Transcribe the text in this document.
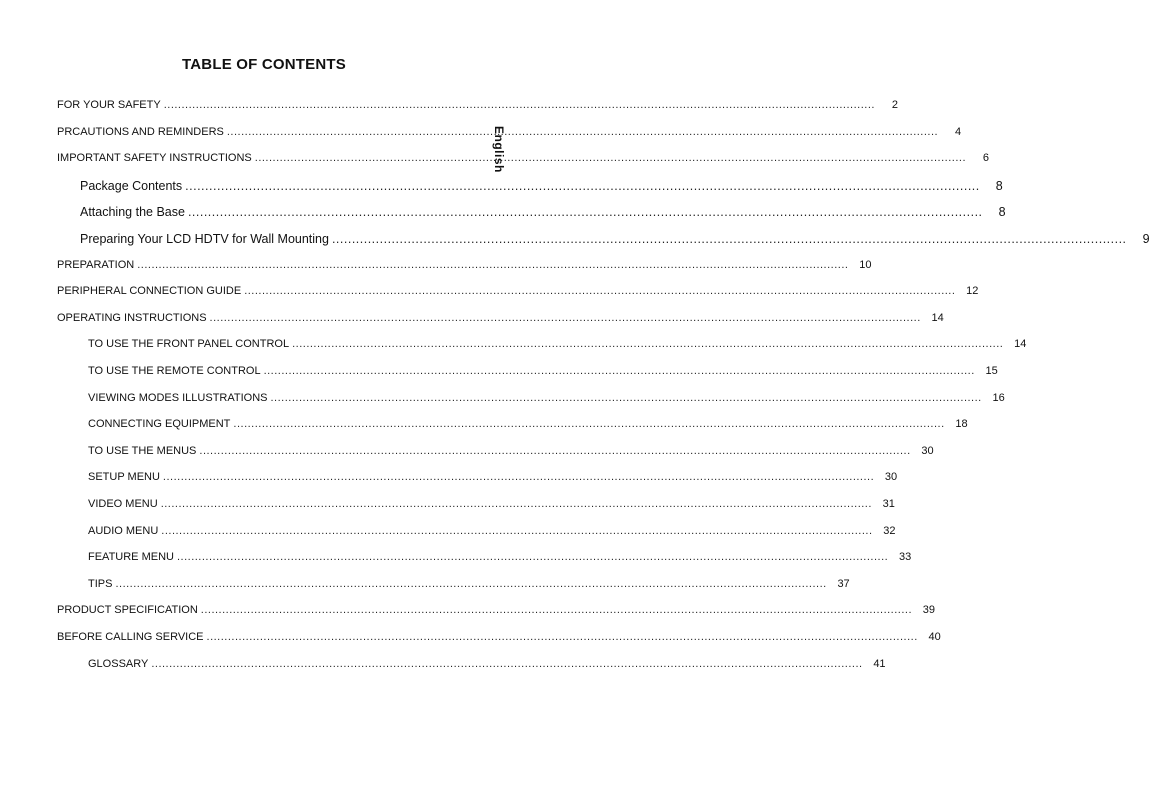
TABLE OF CONTENTS
English
FOR YOUR SAFETY ........................................................................................................................................................................................................	2
PRCAUTIONS AND REMINDERS ........................................................................................................................................................................................................	4
IMPORTANT SAFETY INSTRUCTIONS ........................................................................................................................................................................................................	6
Package Contents ........................................................................................................................................................................................................	8
Attaching the Base ........................................................................................................................................................................................................	8
Preparing Your LCD HDTV for Wall Mounting ........................................................................................................................................................................................................	9
PREPARATION ........................................................................................................................................................................................................ 10
PERIPHERAL CONNECTION GUIDE ........................................................................................................................................................................................................ 12
OPERATING INSTRUCTIONS ........................................................................................................................................................................................................ 14
TO USE THE FRONT PANEL CONTROL ........................................................................................................................................................................................................ 14
TO USE THE REMOTE CONTROL ........................................................................................................................................................................................................ 15
VIEWING MODES ILLUSTRATIONS ........................................................................................................................................................................................................ 16
CONNECTING EQUIPMENT ........................................................................................................................................................................................................ 18
TO USE THE MENUS ........................................................................................................................................................................................................ 30
SETUP MENU ........................................................................................................................................................................................................ 30
VIDEO MENU ........................................................................................................................................................................................................ 31
AUDIO MENU ........................................................................................................................................................................................................ 32
FEATURE MENU ........................................................................................................................................................................................................ 33
TIPS ........................................................................................................................................................................................................ 37
PRODUCT SPECIFICATION ........................................................................................................................................................................................................ 39
BEFORE CALLING SERVICE ........................................................................................................................................................................................................ 40
GLOSSARY ........................................................................................................................................................................................................ 41
